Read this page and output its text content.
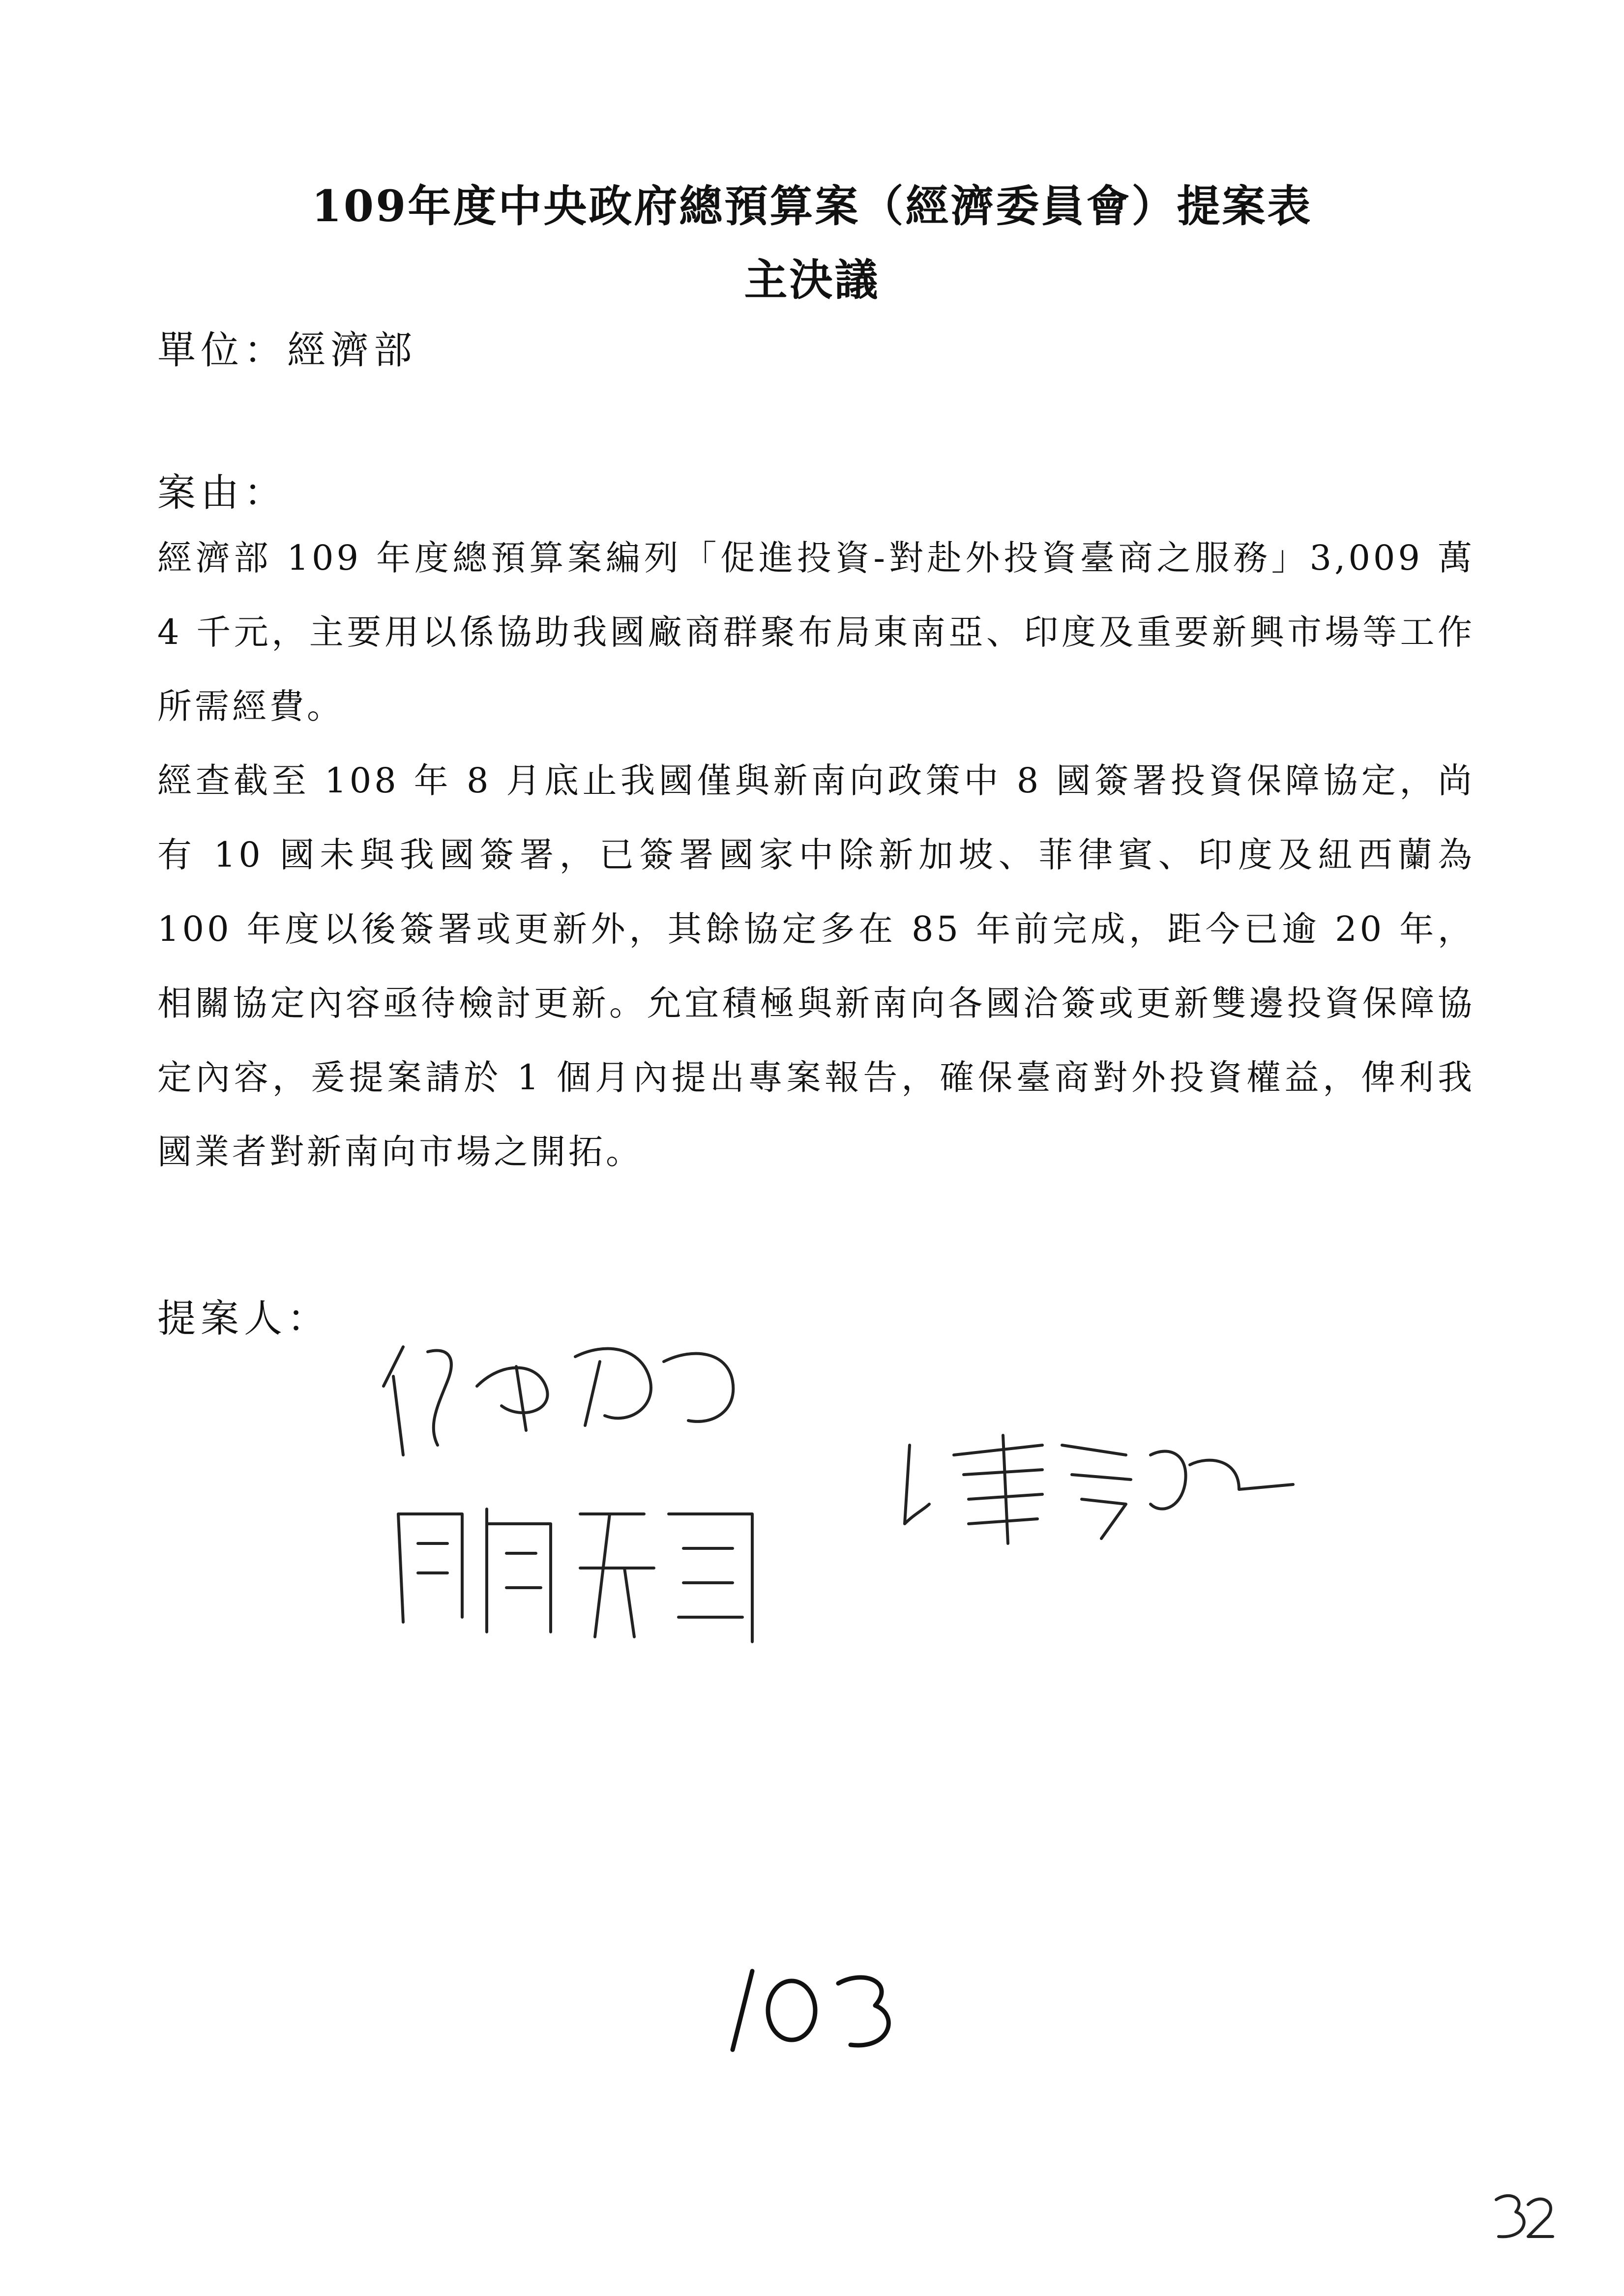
109年度中央政府總預算案（經濟委員會）提案表
主決議
單位：經濟部
案由：

經濟部 109 年度總預算案編列「促進投資-對赴外投資臺商之服務」3,009 萬 4 千元，主要用以係協助我國廠商群聚布局東南亞、印度及重要新興市場等工作所需經費。

經查截至 108 年 8 月底止我國僅與新南向政策中 8 國簽署投資保障協定，尚有 10 國未與我國簽署，已簽署國家中除新加坡、菲律賓、印度及紐西蘭為 100 年度以後簽署或更新外，其餘協定多在 85 年前完成，距今已逾 20 年，相關協定內容亟待檢討更新。允宜積極與新南向各國洽簽或更新雙邊投資保障協定內容，爰提案請於 1 個月內提出專案報告，確保臺商對外投資權益，俾利我國業者對新南向市場之開拓。

提案人：
